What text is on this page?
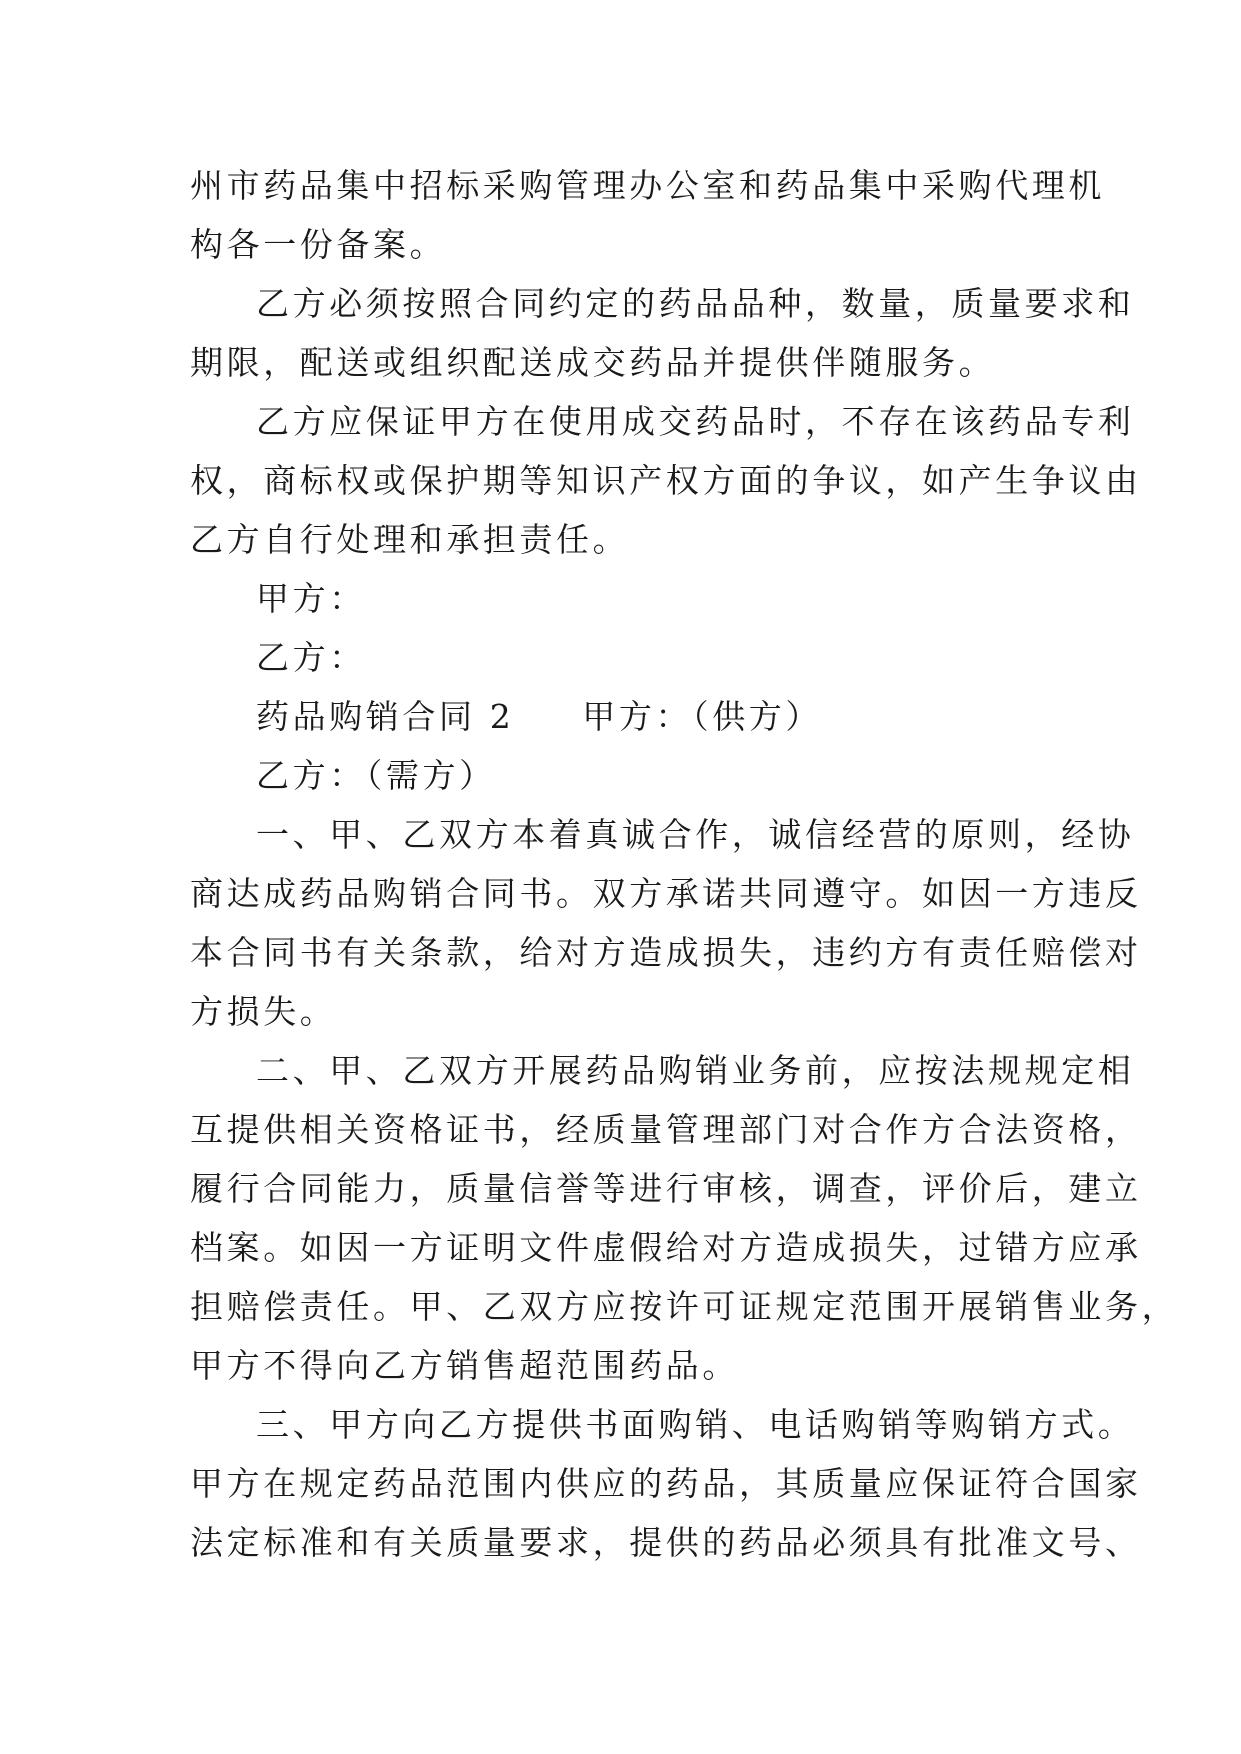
州市药品集中招标采购管理办公室和药品集中采购代理机
构各一份备案。
乙方必须按照合同约定的药品品种，数量，质量要求和
期限，配送或组织配送成交药品并提供伴随服务。
乙方应保证甲方在使用成交药品时，不存在该药品专利
权，商标权或保护期等知识产权方面的争议，如产生争议由
乙方自行处理和承担责任。
甲方：
乙方：
药品购销合同 2 甲方：（供方）
乙方：（需方）
一、甲、乙双方本着真诚合作，诚信经营的原则，经协
商达成药品购销合同书。双方承诺共同遵守。如因一方违反
本合同书有关条款，给对方造成损失，违约方有责任赔偿对
方损失。
二、甲、乙双方开展药品购销业务前，应按法规规定相
互提供相关资格证书，经质量管理部门对合作方合法资格，
履行合同能力，质量信誉等进行审核，调查，评价后，建立
档案。如因一方证明文件虚假给对方造成损失，过错方应承
担赔偿责任。甲、乙双方应按许可证规定范围开展销售业务，
甲方不得向乙方销售超范围药品。
三、甲方向乙方提供书面购销、电话购销等购销方式。
甲方在规定药品范围内供应的药品，其质量应保证符合国家
法定标准和有关质量要求，提供的药品必须具有批准文号、
